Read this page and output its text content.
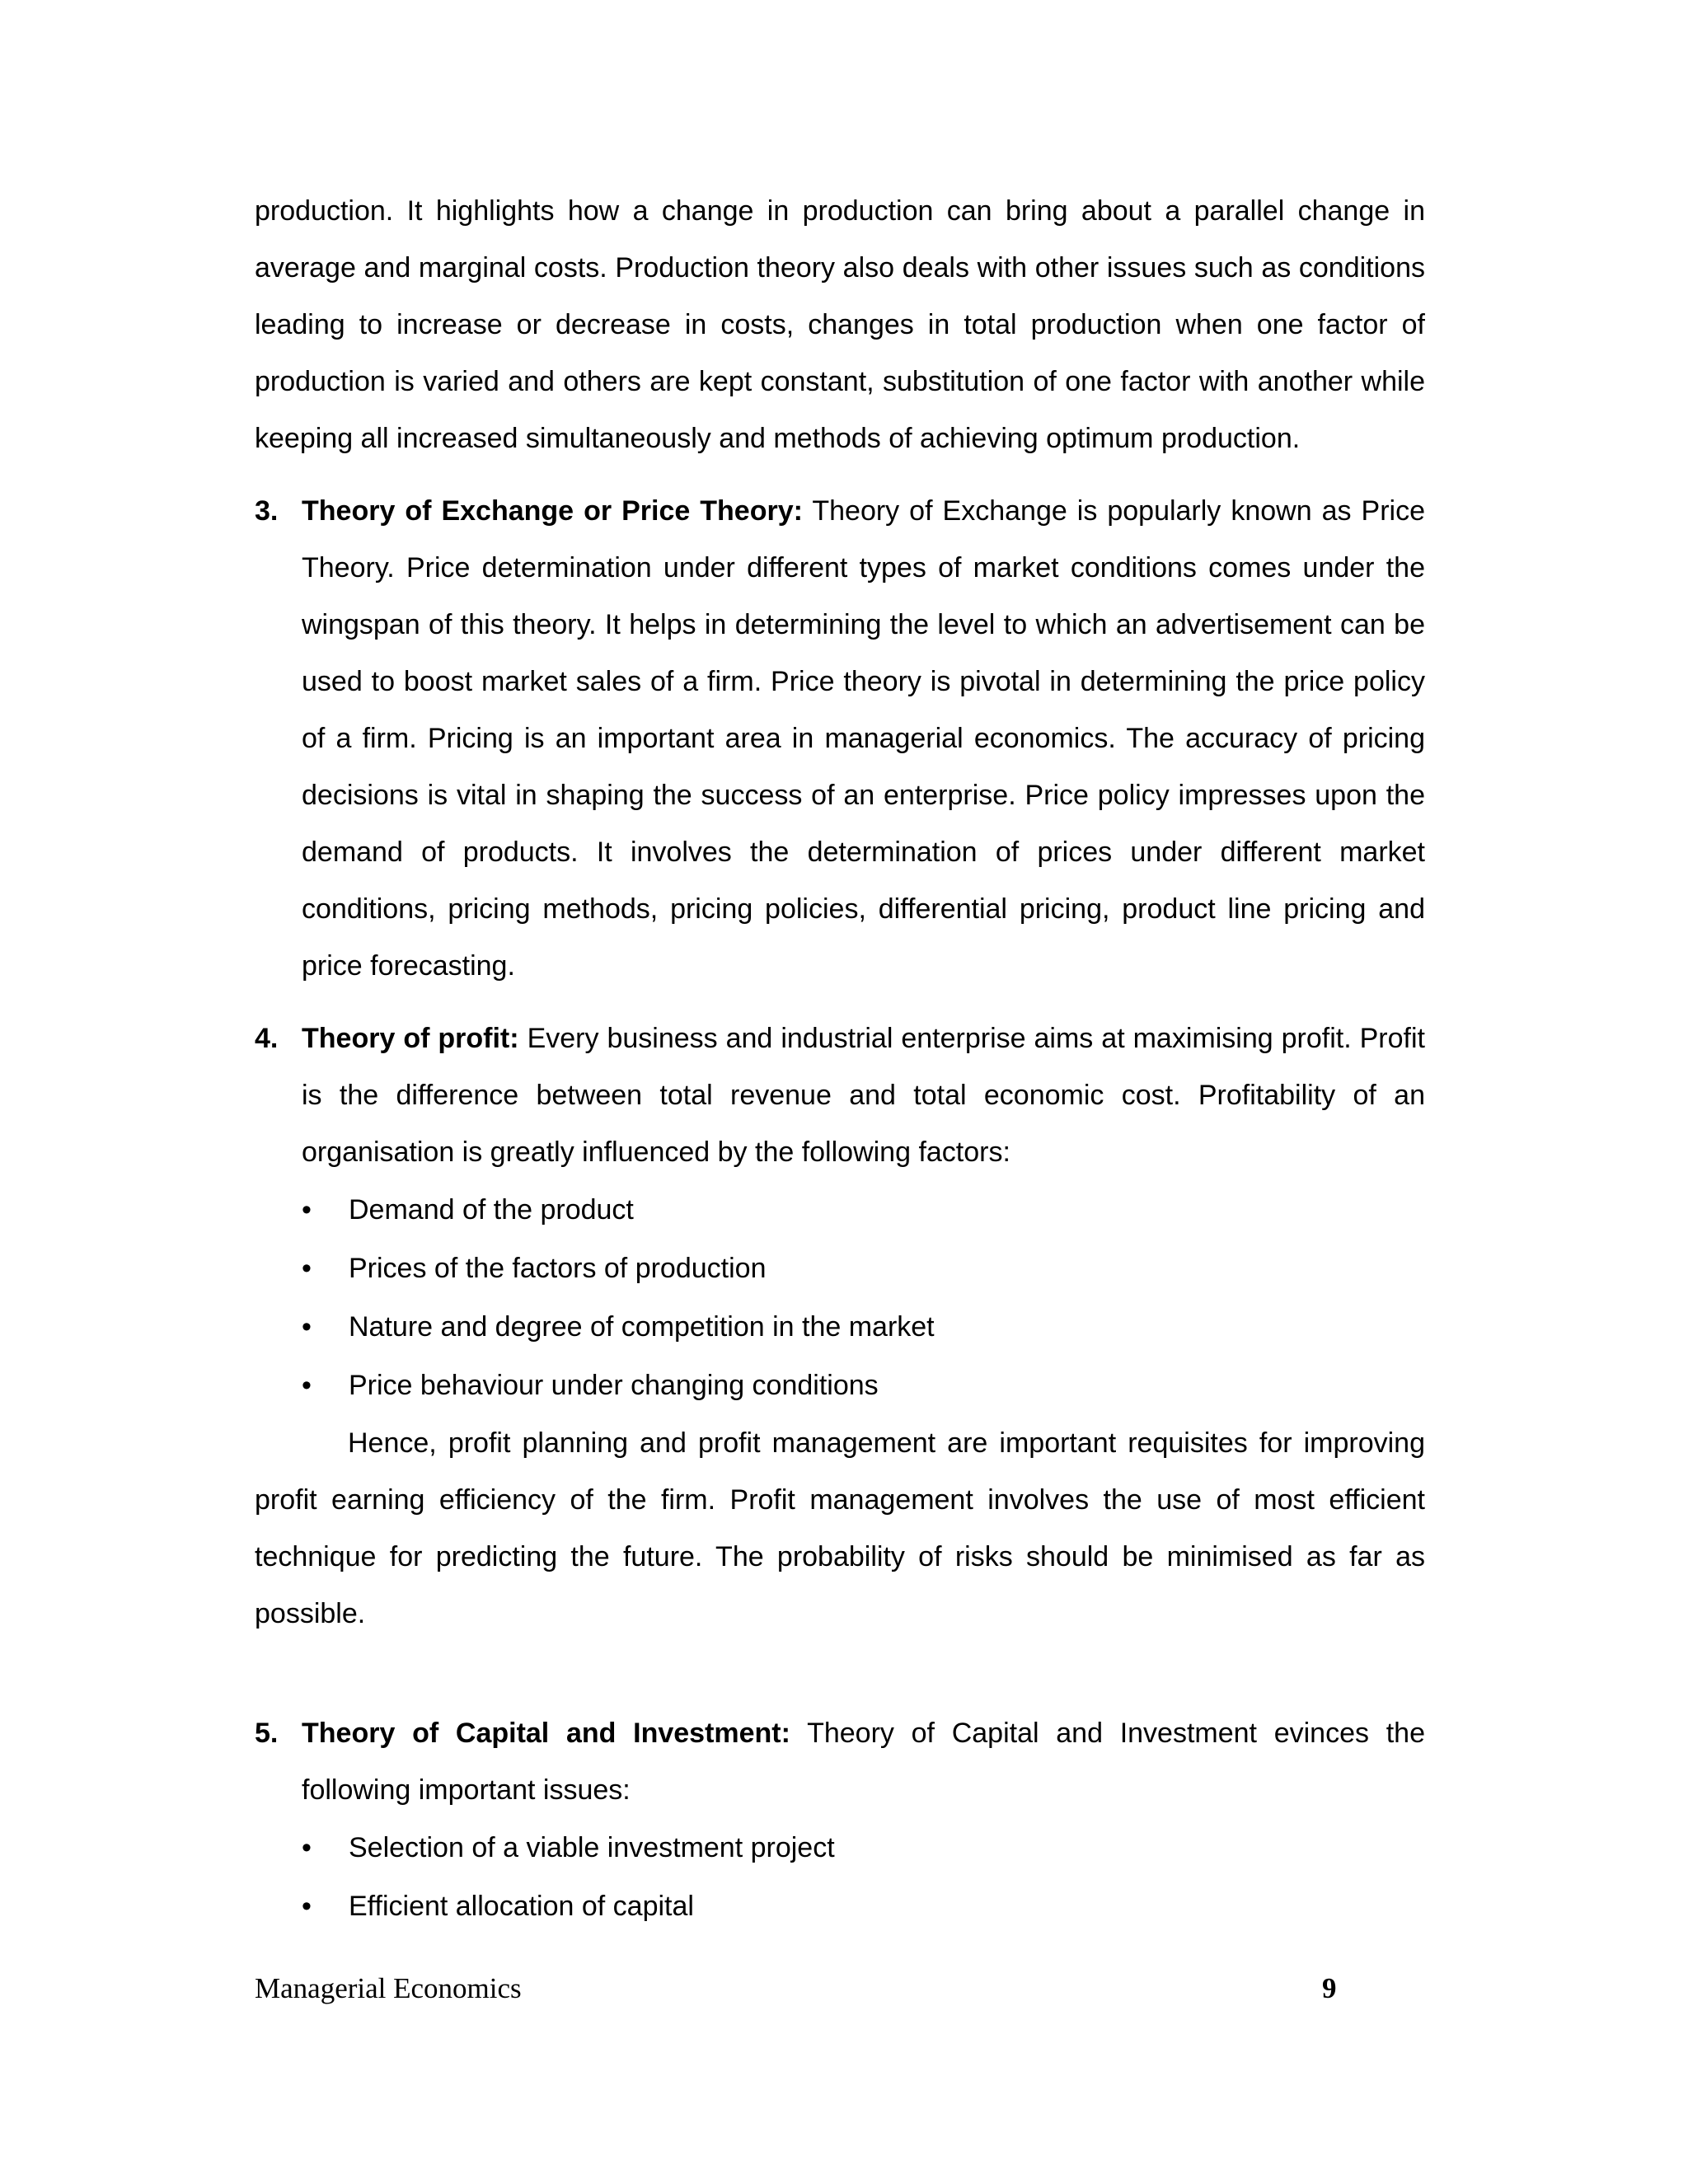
production. It highlights how a change in production can bring about a parallel change in average and marginal costs. Production theory also deals with other issues such as conditions leading to increase or decrease in costs, changes in total production when one factor of production is varied and others are kept constant, substitution of one factor with another while keeping all increased simultaneously and methods of achieving optimum production.

3. Theory of Exchange or Price Theory: Theory of Exchange is popularly known as Price Theory. Price determination under different types of market conditions comes under the wingspan of this theory. It helps in determining the level to which an advertisement can be used to boost market sales of a firm. Price theory is pivotal in determining the price policy of a firm. Pricing is an important area in managerial economics. The accuracy of pricing decisions is vital in shaping the success of an enterprise. Price policy impresses upon the demand of products. It involves the determination of prices under different market conditions, pricing methods, pricing policies, differential pricing, product line pricing and price forecasting.

4. Theory of profit: Every business and industrial enterprise aims at maximising profit. Profit is the difference between total revenue and total economic cost. Profitability of an organisation is greatly influenced by the following factors:

•	Demand of the product
•	Prices of the factors of production
•	Nature and degree of competition in the market
•	Price behaviour under changing conditions

Hence, profit planning and profit management are important requisites for improving profit earning efficiency of the firm. Profit management involves the use of most efficient technique for predicting the future. The probability of risks should be minimised as far as possible.

5. Theory of Capital and Investment: Theory of Capital and Investment evinces the following important issues:

•	Selection of a viable investment project
•	Efficient allocation of capital
Managerial Economics	9
